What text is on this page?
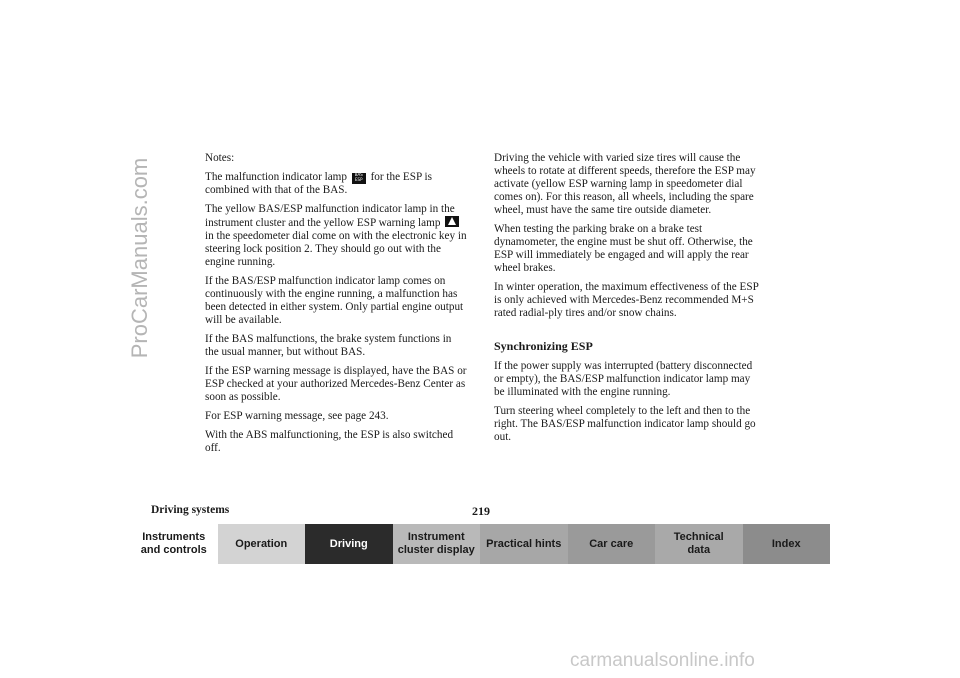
ProCarManuals.com	Notes:

The malfunction indicator lamp	BAS
ESP for the ESP is combined with that of the BAS.

The yellow BAS/ESP malfunction indicator lamp in the instrument cluster and the yellow ESP warning lamp  in the speedometer dial come on with the electronic key in steering lock position 2. They should go out with the engine running.

If the BAS/ESP malfunction indicator lamp comes on continuously with the engine running, a malfunction has been detected in either system. Only partial engine output will be available.

If the BAS malfunctions, the brake system functions in the usual manner, but without BAS.

If the ESP warning message is displayed, have the BAS or ESP checked at your authorized Mercedes-Benz Center as soon as possible.

For ESP warning message, see page 243.

With the ABS malfunctioning, the ESP is also switched off.

Driving the vehicle with varied size tires will cause the wheels to rotate at different speeds, therefore the ESP may activate (yellow ESP warning lamp in speedometer dial comes on). For this reason, all wheels, including the spare wheel, must have the same tire outside diameter.

When testing the parking brake on a brake test dynamometer, the engine must be shut off. Otherwise, the ESP will immediately be engaged and will apply the rear wheel brakes.

In winter operation, the maximum effectiveness of the ESP is only achieved with Mercedes-Benz recommended M+S rated radial-ply tires and/or snow chains.

Synchronizing ESP

If the power supply was interrupted (battery disconnected or empty), the BAS/ESP malfunction indicator lamp may be illuminated with the engine running.

Turn steering wheel completely to the left and then to the right. The BAS/ESP malfunction indicator lamp should go out.

Driving systems	219
Instruments
and controls
Operation	Driving
Instrument
cluster display
Practical hints	Car care
Technical
data
Index
carmanualsonline.info
